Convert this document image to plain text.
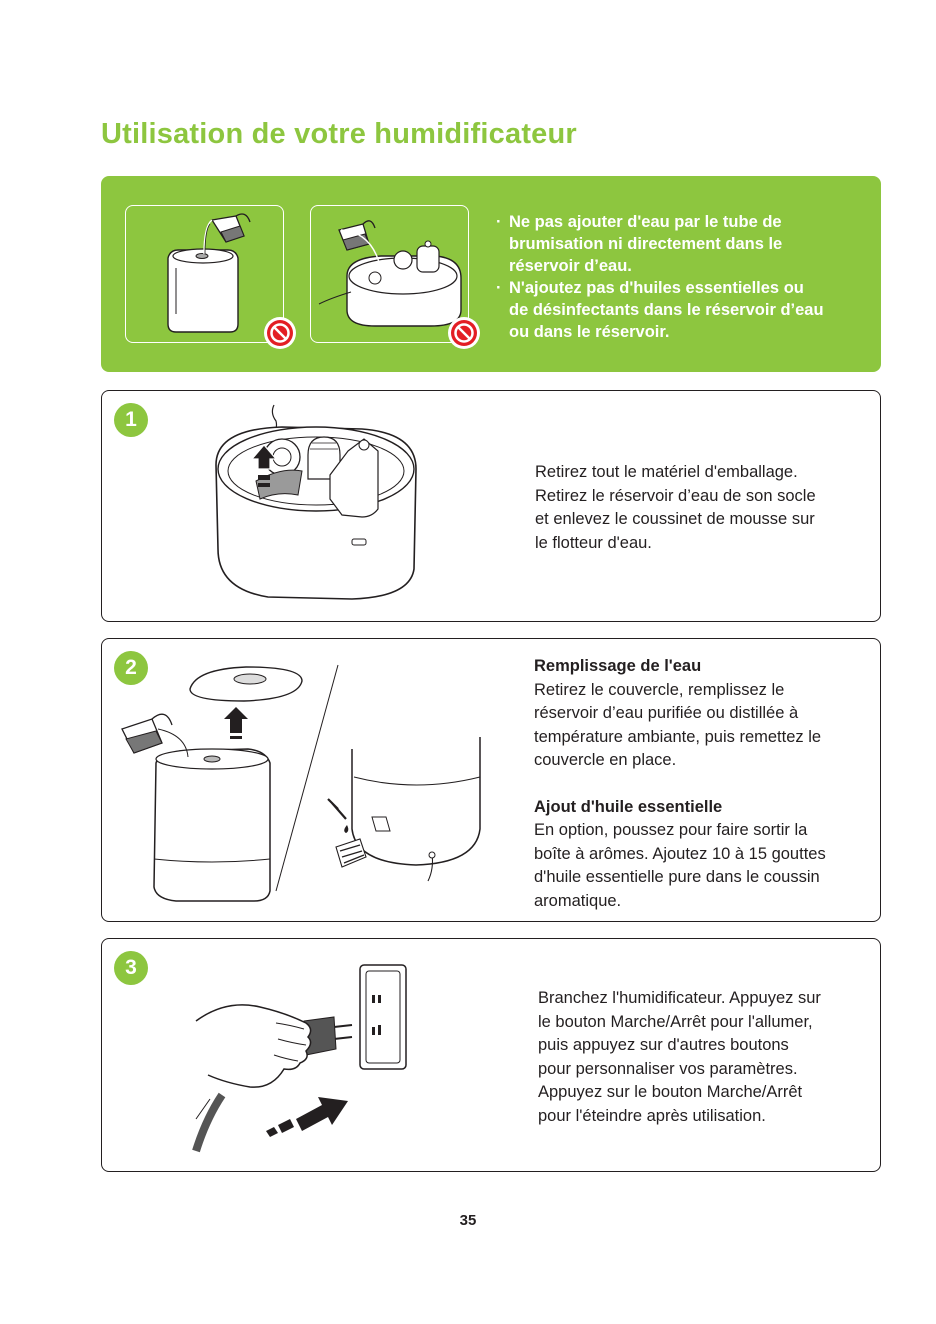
Utilisation de votre humidificateur
· Ne pas ajouter d'eau par le tube de
brumisation ni directement dans le
réservoir d’eau.
· N'ajoutez pas d'huiles essentielles ou
de désinfectants dans le réservoir d’eau
ou dans le réservoir.
1
Retirez tout le matériel d'emballage.
Retirez le réservoir d’eau de son socle
et enlevez le coussinet de mousse sur
le flotteur d'eau.
2	Remplissage de l'eau
Retirez le couvercle, remplissez le
réservoir d’eau purifiée ou distillée à
température ambiante, puis remettez le
couvercle en place.
Ajout d'huile essentielle
En option, poussez pour faire sortir la
boîte à arômes. Ajoutez 10 à 15 gouttes
d'huile essentielle pure dans le coussin
aromatique.
3
Branchez l'humidificateur. Appuyez sur
le bouton Marche/Arrêt pour l'allumer,
puis appuyez sur d'autres boutons
pour personnaliser vos paramètres.
Appuyez sur le bouton Marche/Arrêt
pour l'éteindre après utilisation.
35
